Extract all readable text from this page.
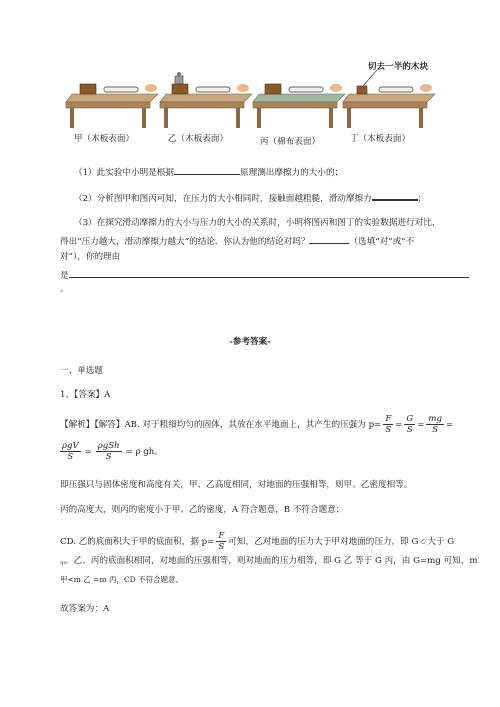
切去一半的木块
甲（木板表面）	乙（木板表面）	丙（棉布表面）	丁（木板表面）
（1）此实验中小明是根据	原理测出摩擦力的大小的；
（2）分析图甲和图丙可知，在压力的大小相同时，接触面越粗糙，滑动摩擦力	；
（3）在探究滑动摩擦力的大小与压力的大小的关系时，小明将图丙和图丁的实验数据进行对比，
得出“压力越大，滑动摩擦力越大”的结论．你认为他的结论对吗？	（选填“对”或“不
对”），你的理由
是
。
-参考答案-
一、单选题
1、【答案】A
【解析】【解答】AB. 对于粗细均匀的固体，其放在水平地面上，其产生的压强为 $p= \frac{F}{S} = \frac{G}{S} = \frac{mg}{S}$ =
$\frac{\text{ρgV}}{S} = \frac{\text{ρgSh}}{S} = \rho$ gh。
即压强只与固体密度和高度有关，甲、乙高度相同，对地面的压强相等，则甲、乙密度相等。
丙的高度大，则丙的密度小于甲、乙的密度，A 符合题意，B 不符合题意；
CD. 乙的底面积大于甲的底面积，据 $p= \frac{F}{S}$ 可知，乙对地面的压力大于甲对地面的压力，即 G 乙 大于 G
$_甲$。乙、丙的底面积相同，对地面的压强相等，则对地面的压力相等，即 G 乙 等于 G 丙，由 G=mg 可知，m
甲<m 乙 =m 丙，CD 不符合题意。
故答案为：A
